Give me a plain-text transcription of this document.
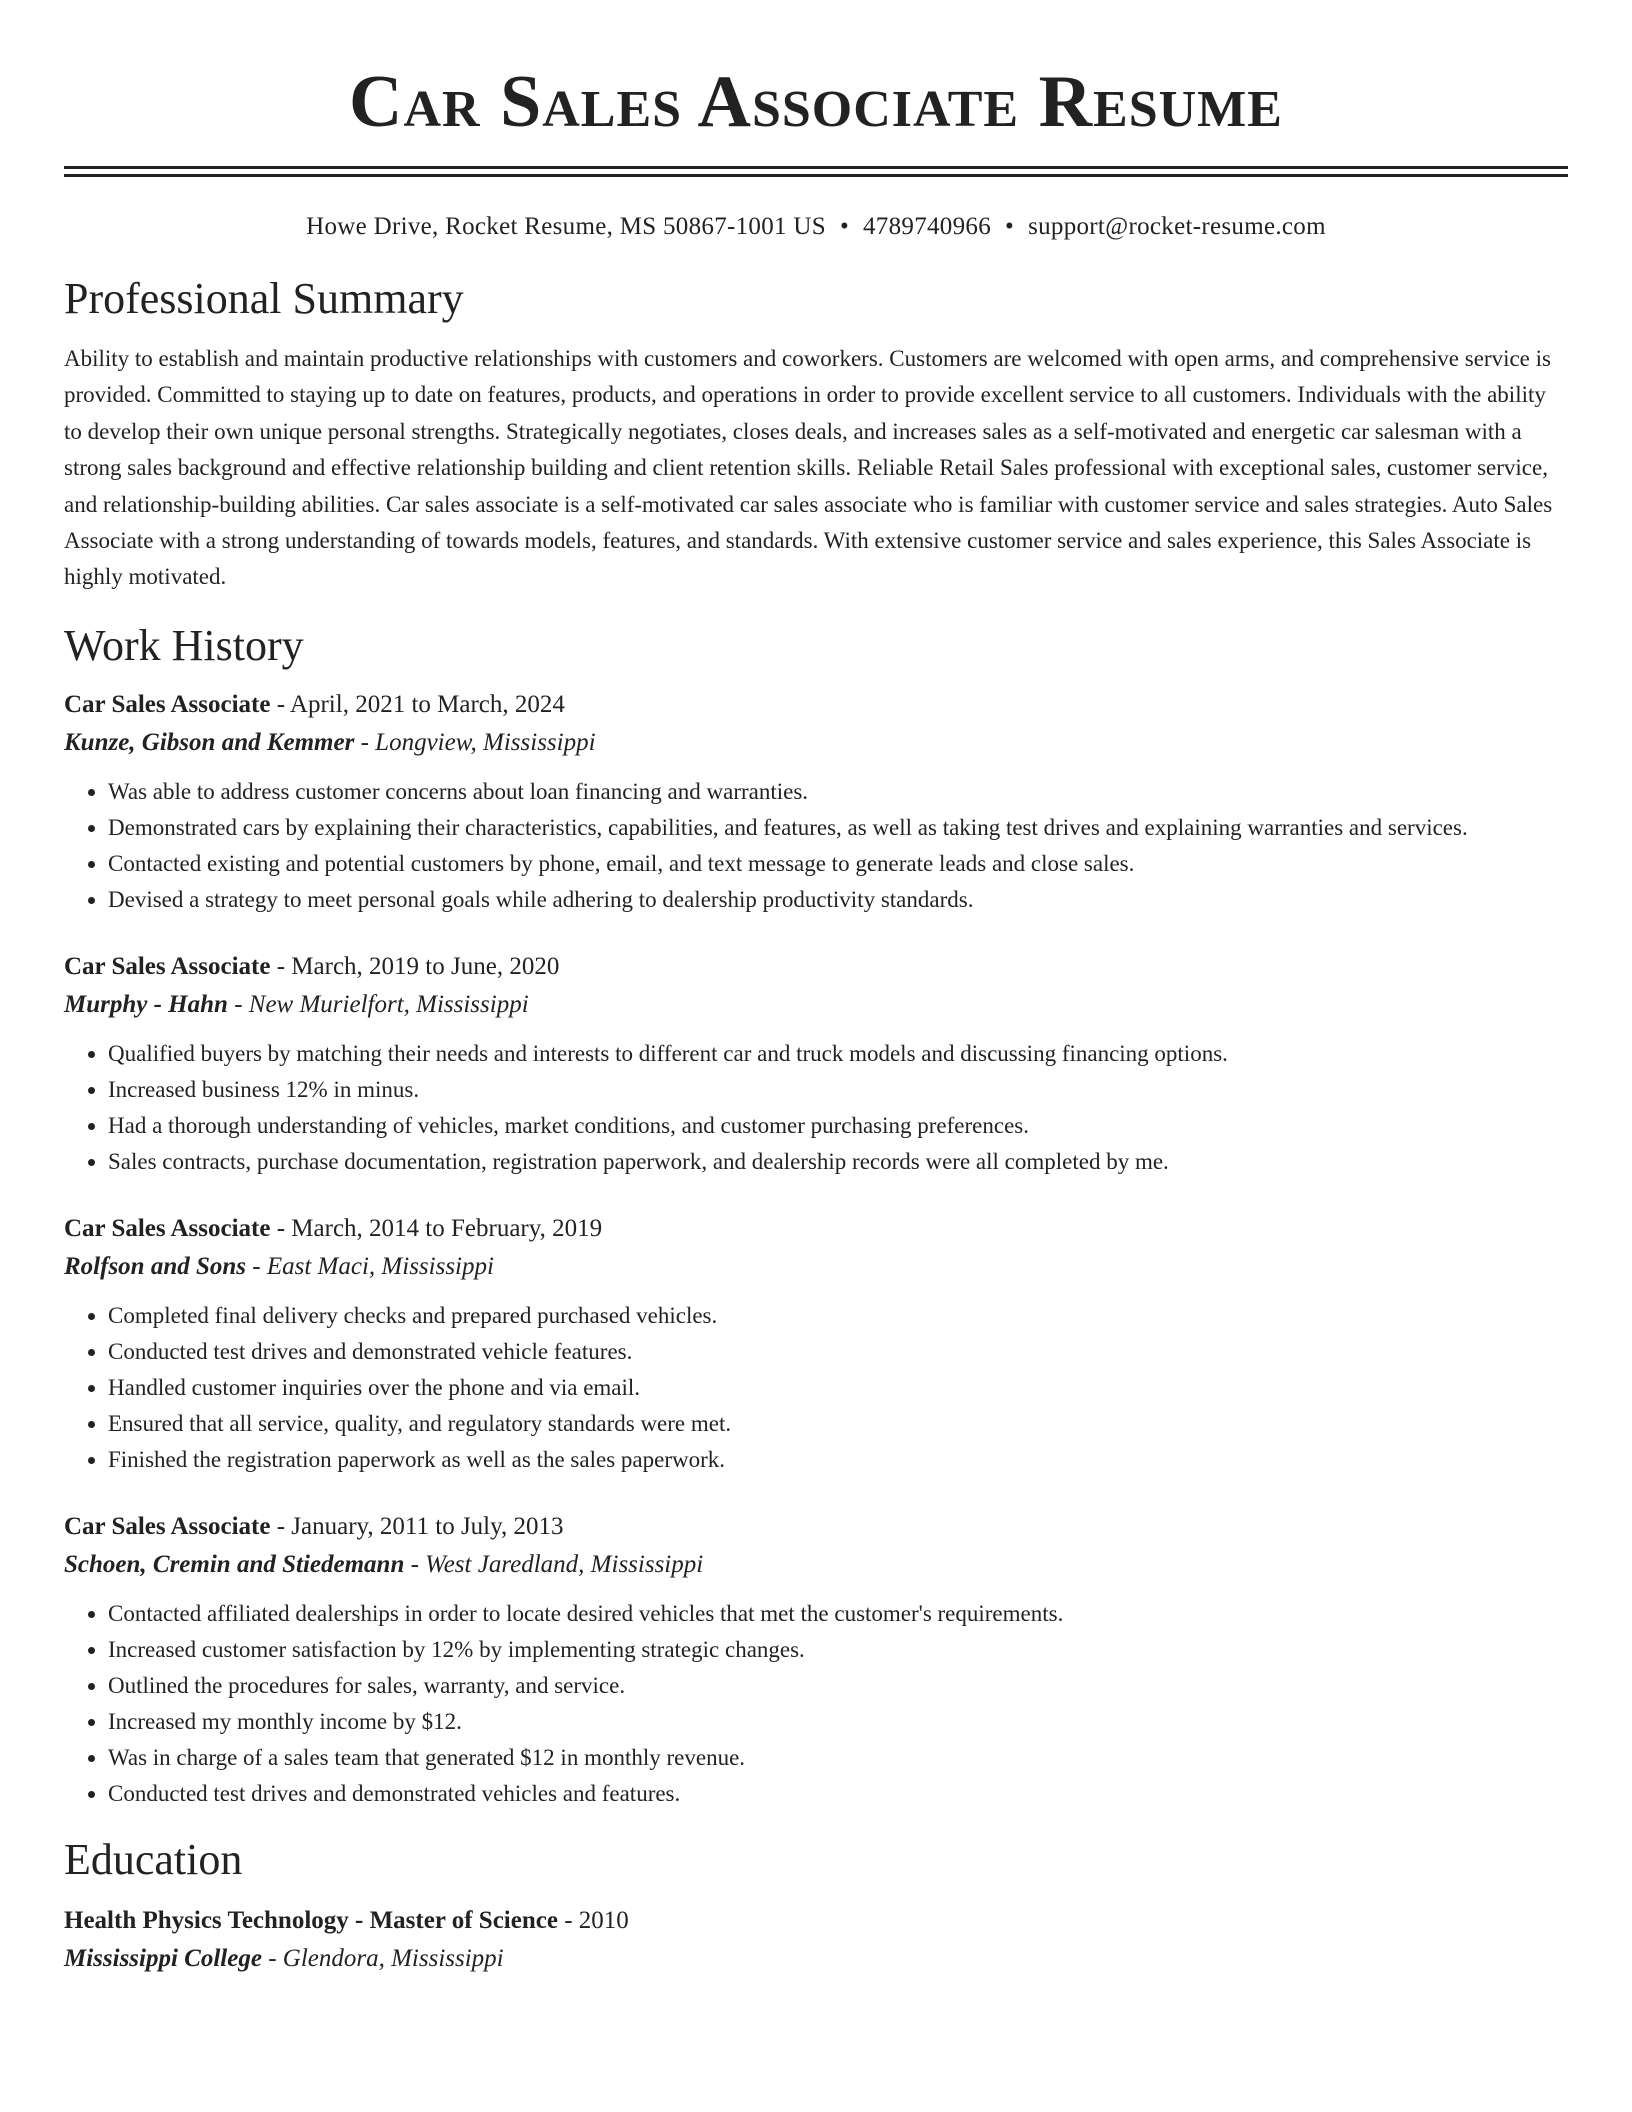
Car Sales Associate Resume
Howe Drive, Rocket Resume, MS 50867-1001 US • 4789740966 • support@rocket-resume.com
Professional Summary

Ability to establish and maintain productive relationships with customers and coworkers. Customers are welcomed with open arms, and comprehensive service is provided. Committed to staying up to date on features, products, and operations in order to provide excellent service to all customers. Individuals with the ability to develop their own unique personal strengths. Strategically negotiates, closes deals, and increases sales as a self-motivated and energetic car salesman with a strong sales background and effective relationship building and client retention skills. Reliable Retail Sales professional with exceptional sales, customer service, and relationship-building abilities. Car sales associate is a self-motivated car sales associate who is familiar with customer service and sales strategies. Auto Sales Associate with a strong understanding of towards models, features, and standards. With extensive customer service and sales experience, this Sales Associate is highly motivated.

Work History
Car Sales Associate - April, 2021 to March, 2024
Kunze, Gibson and Kemmer - Longview, Mississippi
• Was able to address customer concerns about loan financing and warranties.
• Demonstrated cars by explaining their characteristics, capabilities, and features, as well as taking test drives and explaining warranties and services.
• Contacted existing and potential customers by phone, email, and text message to generate leads and close sales.
• Devised a strategy to meet personal goals while adhering to dealership productivity standards.
Car Sales Associate - March, 2019 to June, 2020
Murphy - Hahn - New Murielfort, Mississippi
• Qualified buyers by matching their needs and interests to different car and truck models and discussing financing options.
• Increased business 12% in minus.
• Had a thorough understanding of vehicles, market conditions, and customer purchasing preferences.
• Sales contracts, purchase documentation, registration paperwork, and dealership records were all completed by me.
Car Sales Associate - March, 2014 to February, 2019
Rolfson and Sons - East Maci, Mississippi
• Completed final delivery checks and prepared purchased vehicles.
• Conducted test drives and demonstrated vehicle features.
• Handled customer inquiries over the phone and via email.
• Ensured that all service, quality, and regulatory standards were met.
• Finished the registration paperwork as well as the sales paperwork.
Car Sales Associate - January, 2011 to July, 2013
Schoen, Cremin and Stiedemann - West Jaredland, Mississippi
• Contacted affiliated dealerships in order to locate desired vehicles that met the customer's requirements.
• Increased customer satisfaction by 12% by implementing strategic changes.
• Outlined the procedures for sales, warranty, and service.
• Increased my monthly income by $12.
• Was in charge of a sales team that generated $12 in monthly revenue.
• Conducted test drives and demonstrated vehicles and features.
Education
Health Physics Technology - Master of Science - 2010
Mississippi College - Glendora, Mississippi
